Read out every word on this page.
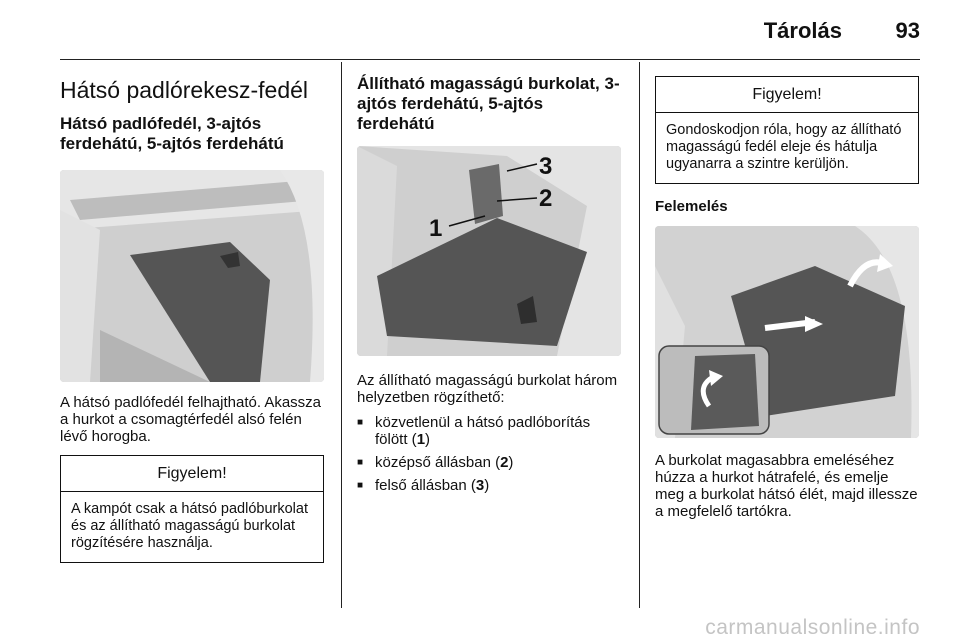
Tárolás 93
Hátsó padlórekesz-fedél
Hátsó padlófedél, 3-ajtós ferdehátú, 5-ajtós ferdehátú

A hátsó padlófedél felhajtható. Akassza a hurkot a csomagtérfedél alsó felén lévő horogba.

Figyelem!
A kampót csak a hátsó padlóburkolat és az állítható magasságú burkolat rögzítésére használja.
Állítható magasságú burkolat, 3-ajtós ferdehátú, 5-ajtós ferdehátú
3
2
1

Az állítható magasságú burkolat három helyzetben rögzíthető:

■ közvetlenül a hátsó padlóborítás fölött (1)
■ középső állásban (2)
■ felső állásban (3)
Figyelem!
Gondoskodjon róla, hogy az állítható magasságú fedél eleje és hátulja ugyanarra a szintre kerüljön.
Felemelés

A burkolat magasabbra emeléséhez húzza a hurkot hátrafelé, és emelje meg a burkolat hátsó élét, majd illessze a megfelelő tartókra.

carmanualsonline.info
